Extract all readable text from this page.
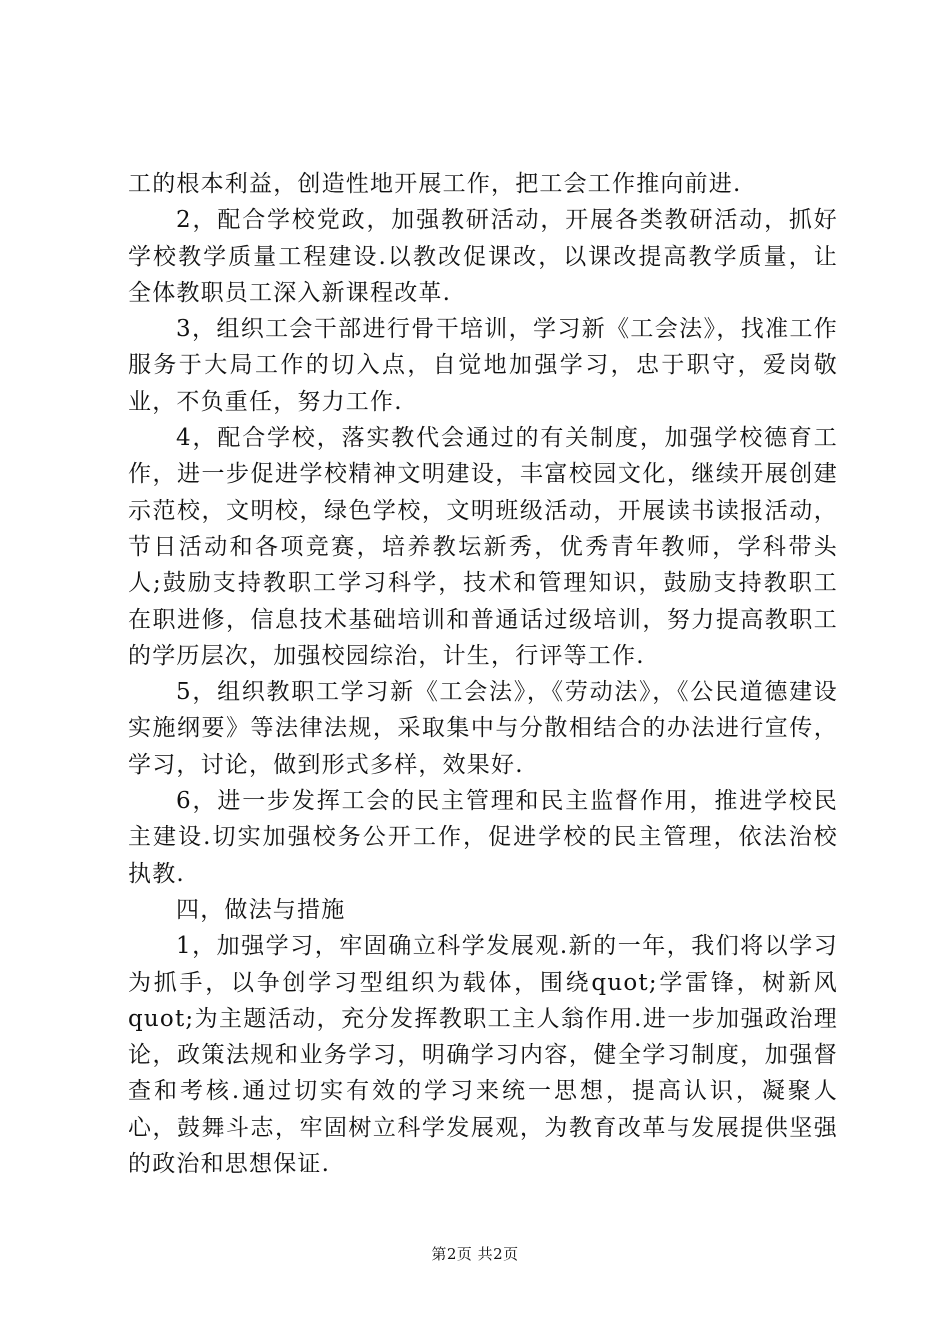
工的根本利益，创造性地开展工作，把工会工作推向前进.

2，配合学校党政，加强教研活动，开展各类教研活动，抓好学校教学质量工程建设.以教改促课改，以课改提高教学质量，让全体教职员工深入新课程改革.

3，组织工会干部进行骨干培训，学习新《工会法》，找准工作服务于大局工作的切入点，自觉地加强学习，忠于职守，爱岗敬业，不负重任，努力工作.

4，配合学校，落实教代会通过的有关制度，加强学校德育工作，进一步促进学校精神文明建设，丰富校园文化，继续开展创建示范校，文明校，绿色学校，文明班级活动，开展读书读报活动，节日活动和各项竞赛，培养教坛新秀，优秀青年教师，学科带头人;鼓励支持教职工学习科学，技术和管理知识，鼓励支持教职工在职进修，信息技术基础培训和普通话过级培训，努力提高教职工的学历层次，加强校园综治，计生，行评等工作.

5，组织教职工学习新《工会法》，《劳动法》，《公民道德建设实施纲要》等法律法规，采取集中与分散相结合的办法进行宣传，学习，讨论，做到形式多样，效果好.

6，进一步发挥工会的民主管理和民主监督作用，推进学校民主建设.切实加强校务公开工作，促进学校的民主管理，依法治校执教.

四，做法与措施

1，加强学习，牢固确立科学发展观.新的一年，我们将以学习为抓手，以争创学习型组织为载体，围绕quot;学雷锋，树新风quot;为主题活动，充分发挥教职工主人翁作用.进一步加强政治理论，政策法规和业务学习，明确学习内容，健全学习制度，加强督查和考核.通过切实有效的学习来统一思想，提高认识，凝聚人心，鼓舞斗志，牢固树立科学发展观，为教育改革与发展提供坚强的政治和思想保证.

第2页 共2页
